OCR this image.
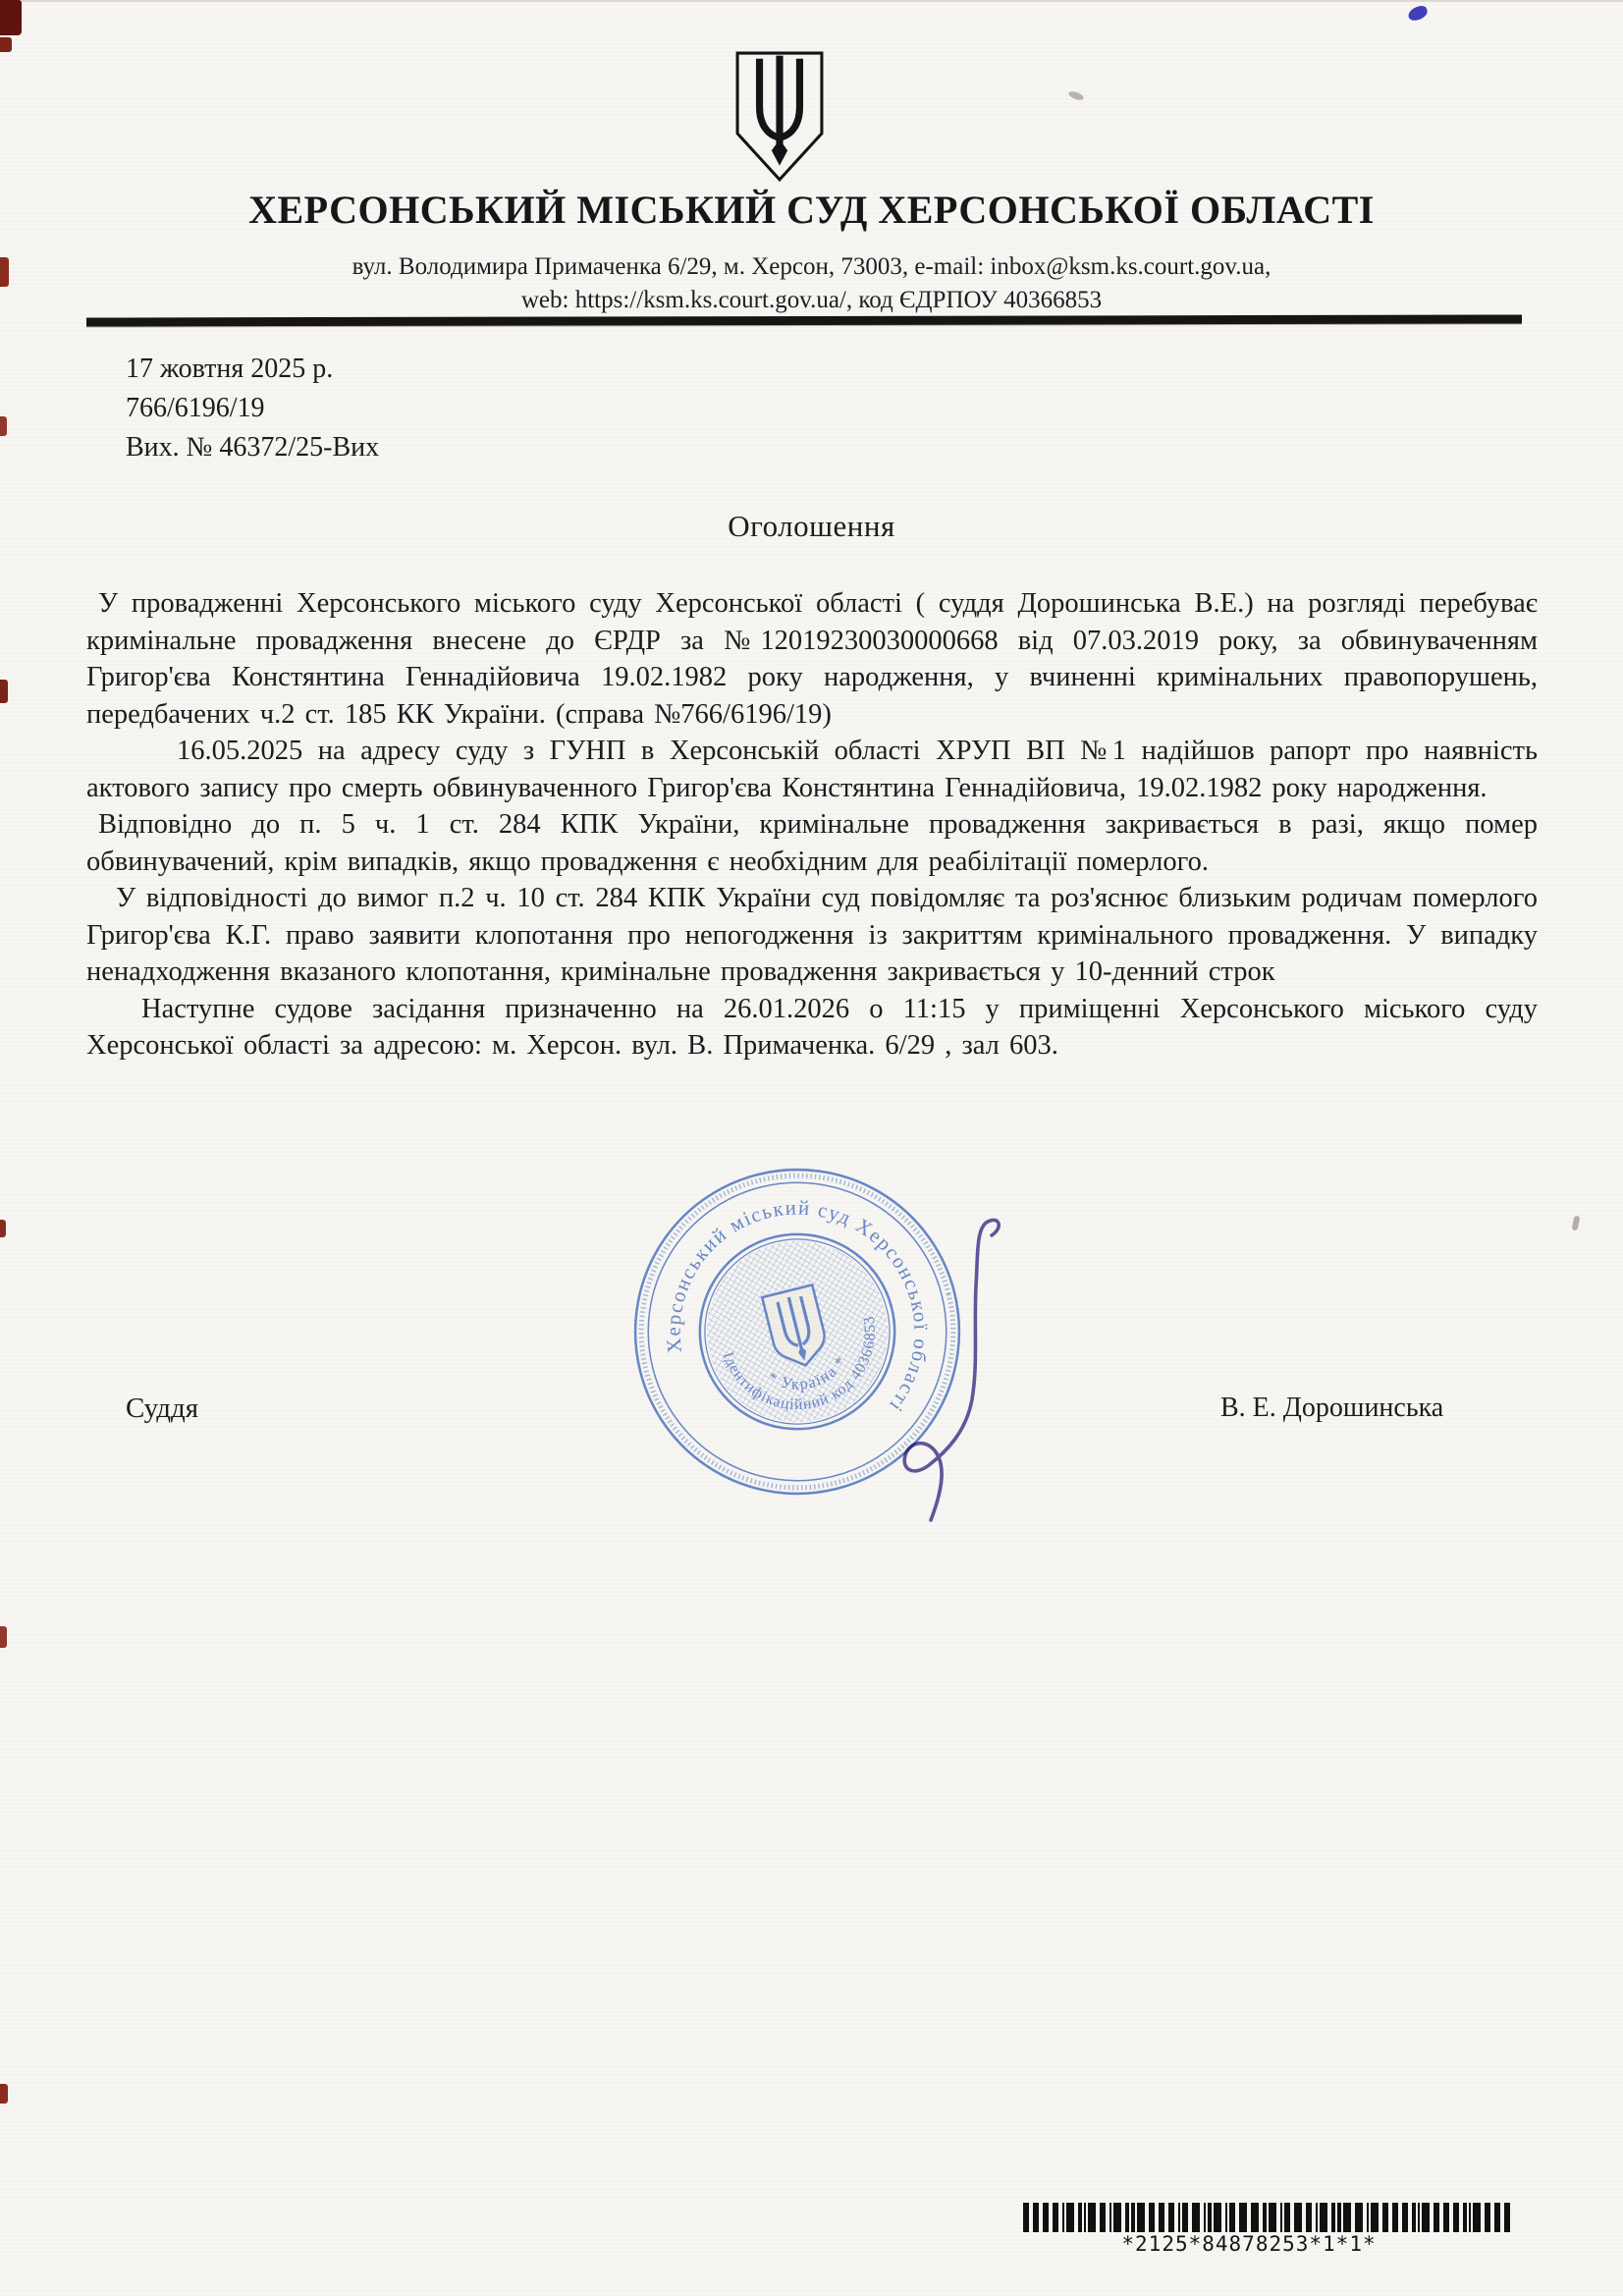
ХЕРСОНСЬКИЙ МІСЬКИЙ СУД ХЕРСОНСЬКОЇ ОБЛАСТІ
вул. Володимира Примаченка 6/29, м. Херсон, 73003, e-mail: inbox@ksm.ks.court.gov.ua,
web: https://ksm.ks.court.gov.ua/, код ЄДРПОУ 40366853
17 жовтня 2025 р.
766/6196/19
Вих. № 46372/25-Вих
Оголошення

У провадженні Херсонського міського суду Херсонської області ( суддя Дорошинська В.Е.) на розгляді перебуває кримінальне провадження внесене до ЄРДР за №12019230030000668 від 07.03.2019 року, за обвинуваченням Григор'єва Констянтина Геннадійовича 19.02.1982 року народження, у вчиненні кримінальних правопорушень, передбачених ч.2 ст. 185 КК України. (справа №766/6196/19)

16.05.2025 на адресу суду з ГУНП в Херсонській області ХРУП ВП №1 надійшов рапорт про наявність актового запису про смерть обвинуваченного Григор'єва Констянтина Геннадійовича, 19.02.1982 року народження.

Відповідно до п. 5 ч. 1 ст. 284 КПК України, кримінальне провадження закривається в разі, якщо помер обвинувачений, крім випадків, якщо провадження є необхідним для реабілітації померлого.

У відповідності до вимог п.2 ч. 10 ст. 284 КПК України суд повідомляє та роз'яснює близьким родичам померлого Григор'єва К.Г. право заявити клопотання про непогодження із закриттям кримінального провадження. У випадку ненадходження вказаного клопотання, кримінальне провадження закривається у 10-денний строк

Наступне судове засідання призначенно на 26.01.2026 о 11:15 у приміщенні Херсонського міського суду Херсонської області за адресою: м. Херсон. вул. В. Примаченка. 6/29 , зал 603.

Суддя	В. Е. Дорошинська
Херсонський міський суд Херсонської області
Ідентифікаційний код 40366853
* Україна *
*2125*84878253*1*1*
